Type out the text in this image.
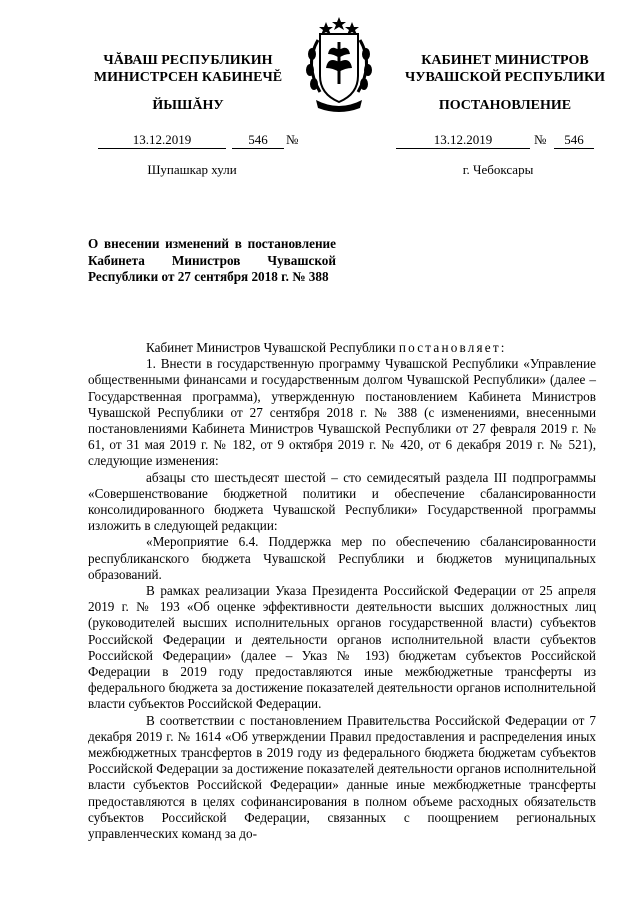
ЧĂВАШ РЕСПУБЛИКИН
МИНИСТРСЕН КАБИНЕЧĔ
ЙЫШĂНУ
КАБИНЕТ МИНИСТРОВ
ЧУВАШСКОЙ РЕСПУБЛИКИ
ПОСТАНОВЛЕНИЕ
13.12.2019	546	№	13.12.2019	№	546
Шупашкар хули	г. Чебоксары
О внесении изменений в постановление Кабинета Министров Чувашской Республики от 27 сентября 2018 г. № 388

Кабинет Министров Чувашской Республики постановляет:

1. Внести в государственную программу Чувашской Республики «Управление общественными финансами и государственным долгом Чувашской Республики» (далее – Государственная программа), утвержденную постановлением Кабинета Министров Чувашской Республики от 27 сентября 2018 г. № 388 (с изменениями, внесенными постановлениями Кабинета Министров Чувашской Республики от 27 февраля 2019 г. № 61, от 31 мая 2019 г. № 182, от 9 октября 2019 г. № 420, от 6 декабря 2019 г. № 521), следующие изменения:

абзацы сто шестьдесят шестой – сто семидесятый раздела III подпрограммы «Совершенствование бюджетной политики и обеспечение сбалансированности консолидированного бюджета Чувашской Республики» Государственной программы изложить в следующей редакции:

«Мероприятие 6.4. Поддержка мер по обеспечению сбалансированности республиканского бюджета Чувашской Республики и бюджетов муниципальных образований.

В рамках реализации Указа Президента Российской Федерации от 25 апреля 2019 г. № 193 «Об оценке эффективности деятельности высших должностных лиц (руководителей высших исполнительных органов государственной власти) субъектов Российской Федерации и деятельности органов исполнительной власти субъектов Российской Федерации» (далее – Указ № 193) бюджетам субъектов Российской Федерации в 2019 году предоставляются иные межбюджетные трансферты из федерального бюджета за достижение показателей деятельности органов исполнительной власти субъектов Российской Федерации.

В соответствии с постановлением Правительства Российской Федерации от 7 декабря 2019 г. № 1614 «Об утверждении Правил предоставления и распределения иных межбюджетных трансфертов в 2019 году из федерального бюджета бюджетам субъектов Российской Федерации за достижение показателей деятельности органов исполнительной власти субъектов Российской Федерации» данные иные межбюджетные трансферты предоставляются в целях софинансирования в полном объеме расходных обязательств субъектов Российской Федерации, связанных с поощрением региональных управленческих команд за до-
